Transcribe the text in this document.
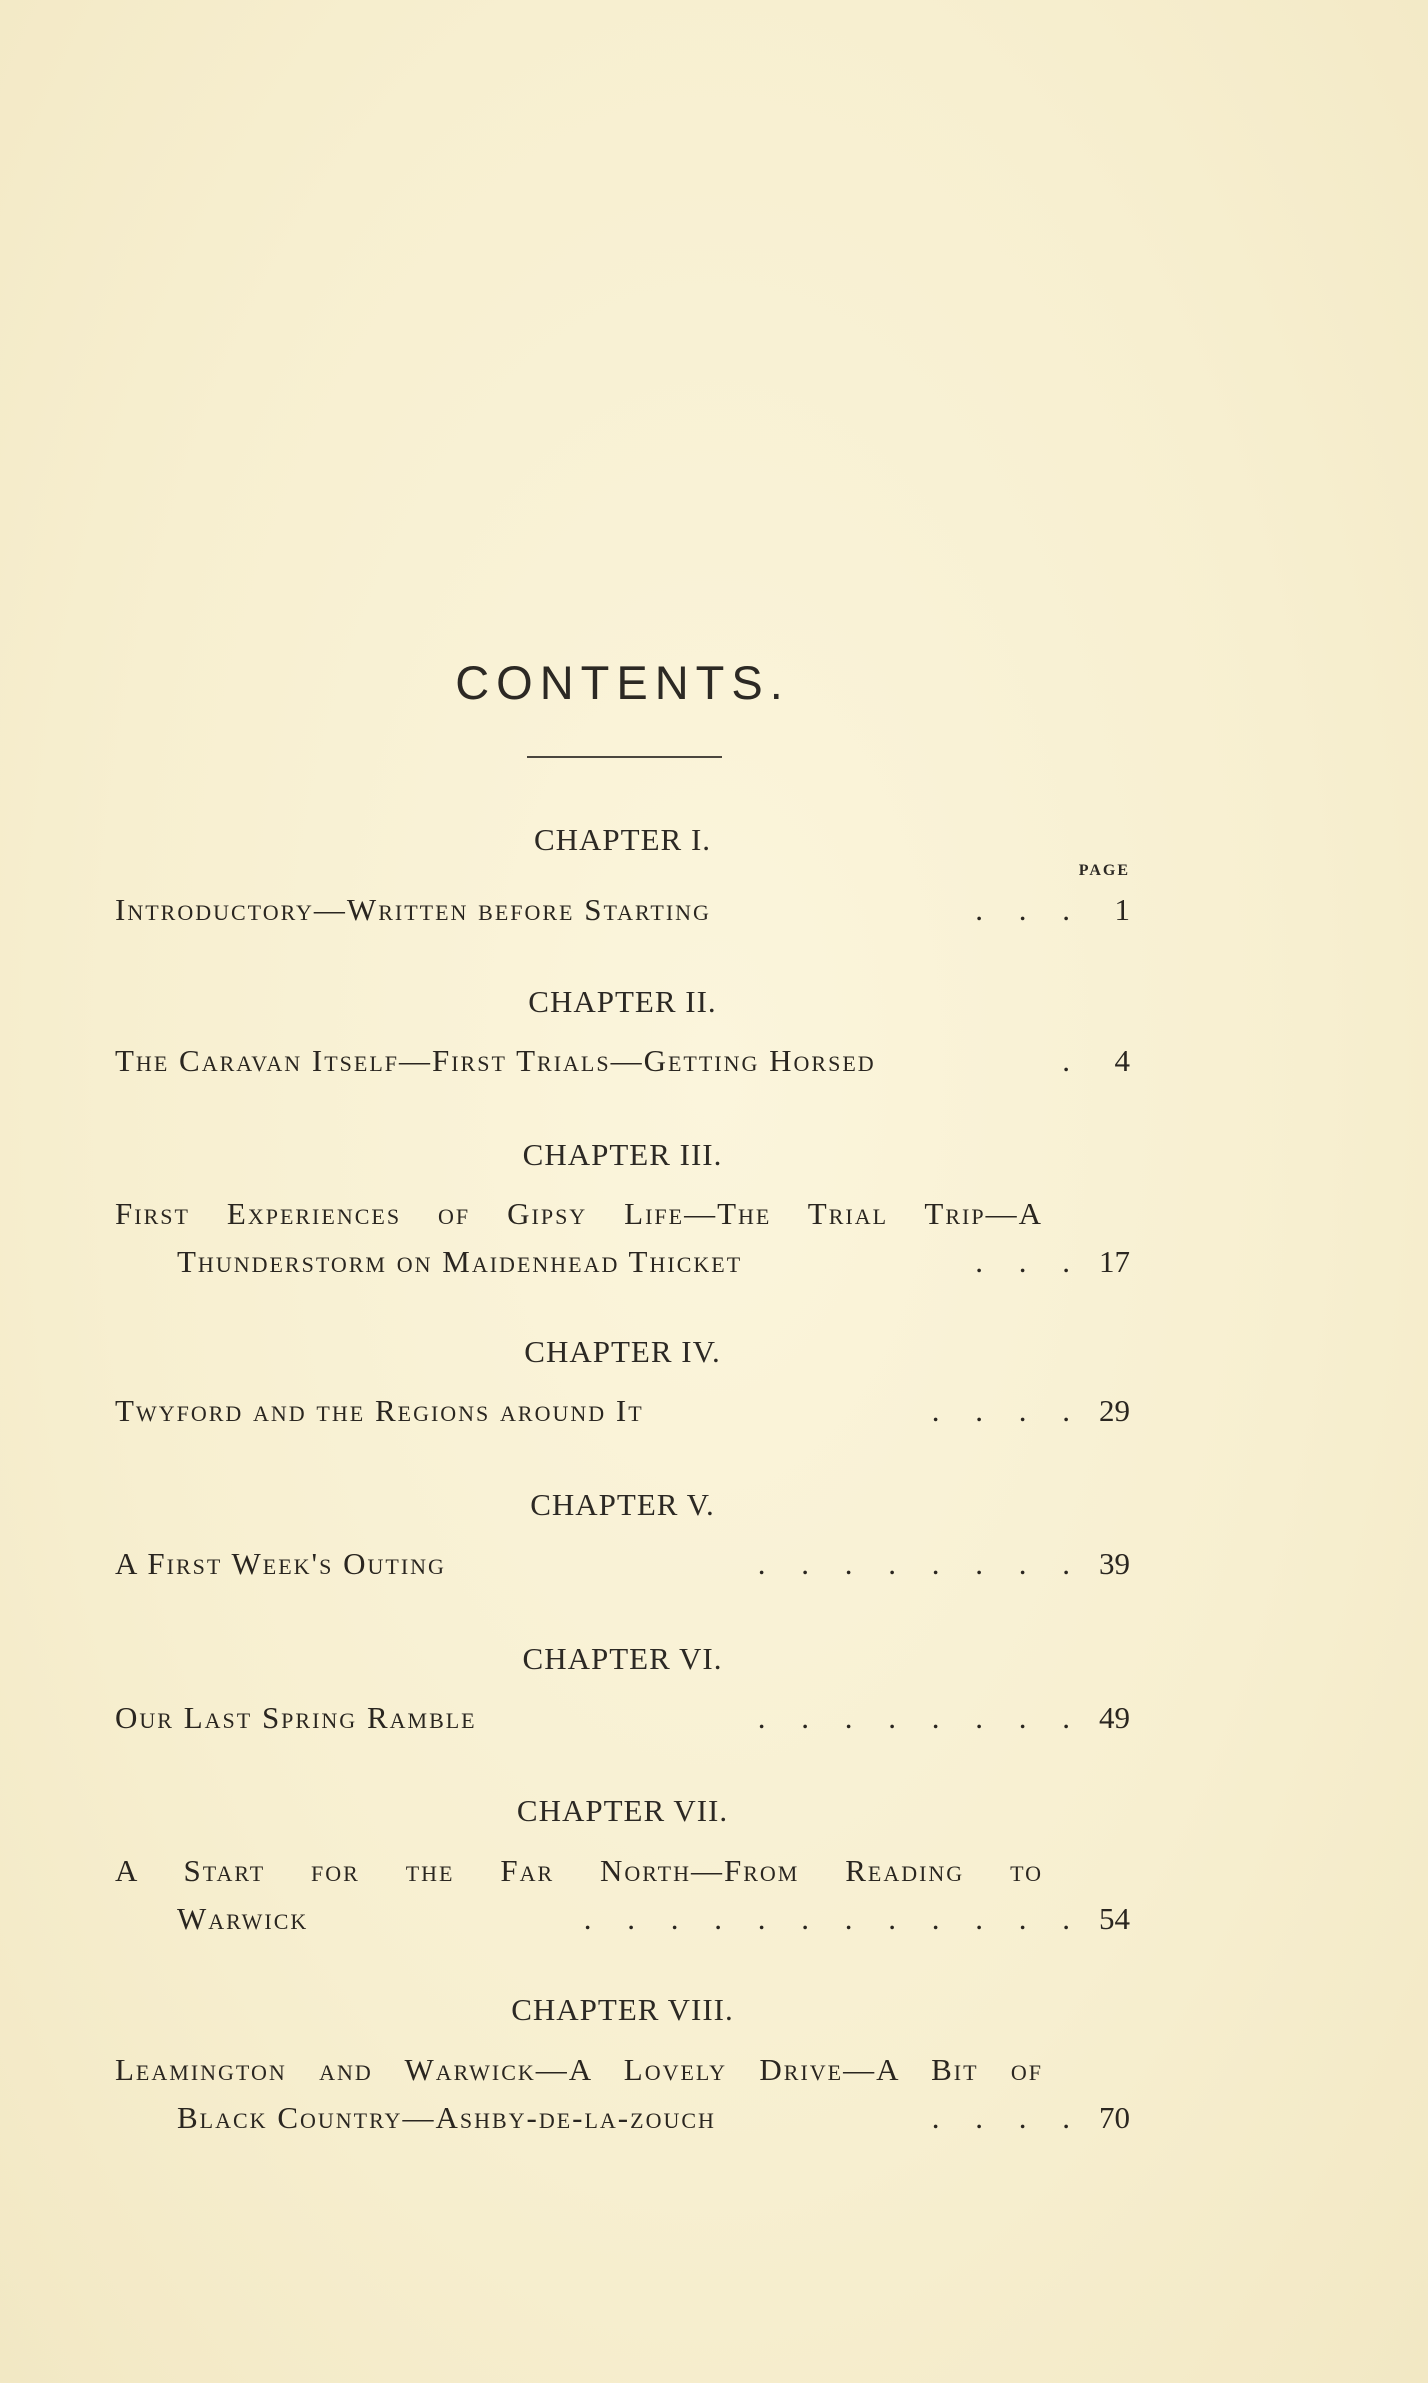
CONTENTS.
PAGE
CHAPTER I.
Introductory—Written before Starting	. . . 1
CHAPTER II.
The Caravan Itself—First Trials—Getting Horsed	. 4
CHAPTER III.
First Experiences of Gipsy Life—The Trial Trip—A
Thunderstorm on Maidenhead Thicket	. . . 17
CHAPTER IV.
Twyford and the Regions around It	. . . . 29
CHAPTER V.
A First Week's Outing	. . . . . . . . 39
CHAPTER VI.
Our Last Spring Ramble	. . . . . . . . 49
CHAPTER VII.
A Start for the Far North—From Reading to
Warwick	. . . . . . . . . . . . 54
CHAPTER VIII.
Leamington and Warwick—A Lovely Drive—A Bit of
Black Country—Ashby-de-la-zouch	. . . . 70
